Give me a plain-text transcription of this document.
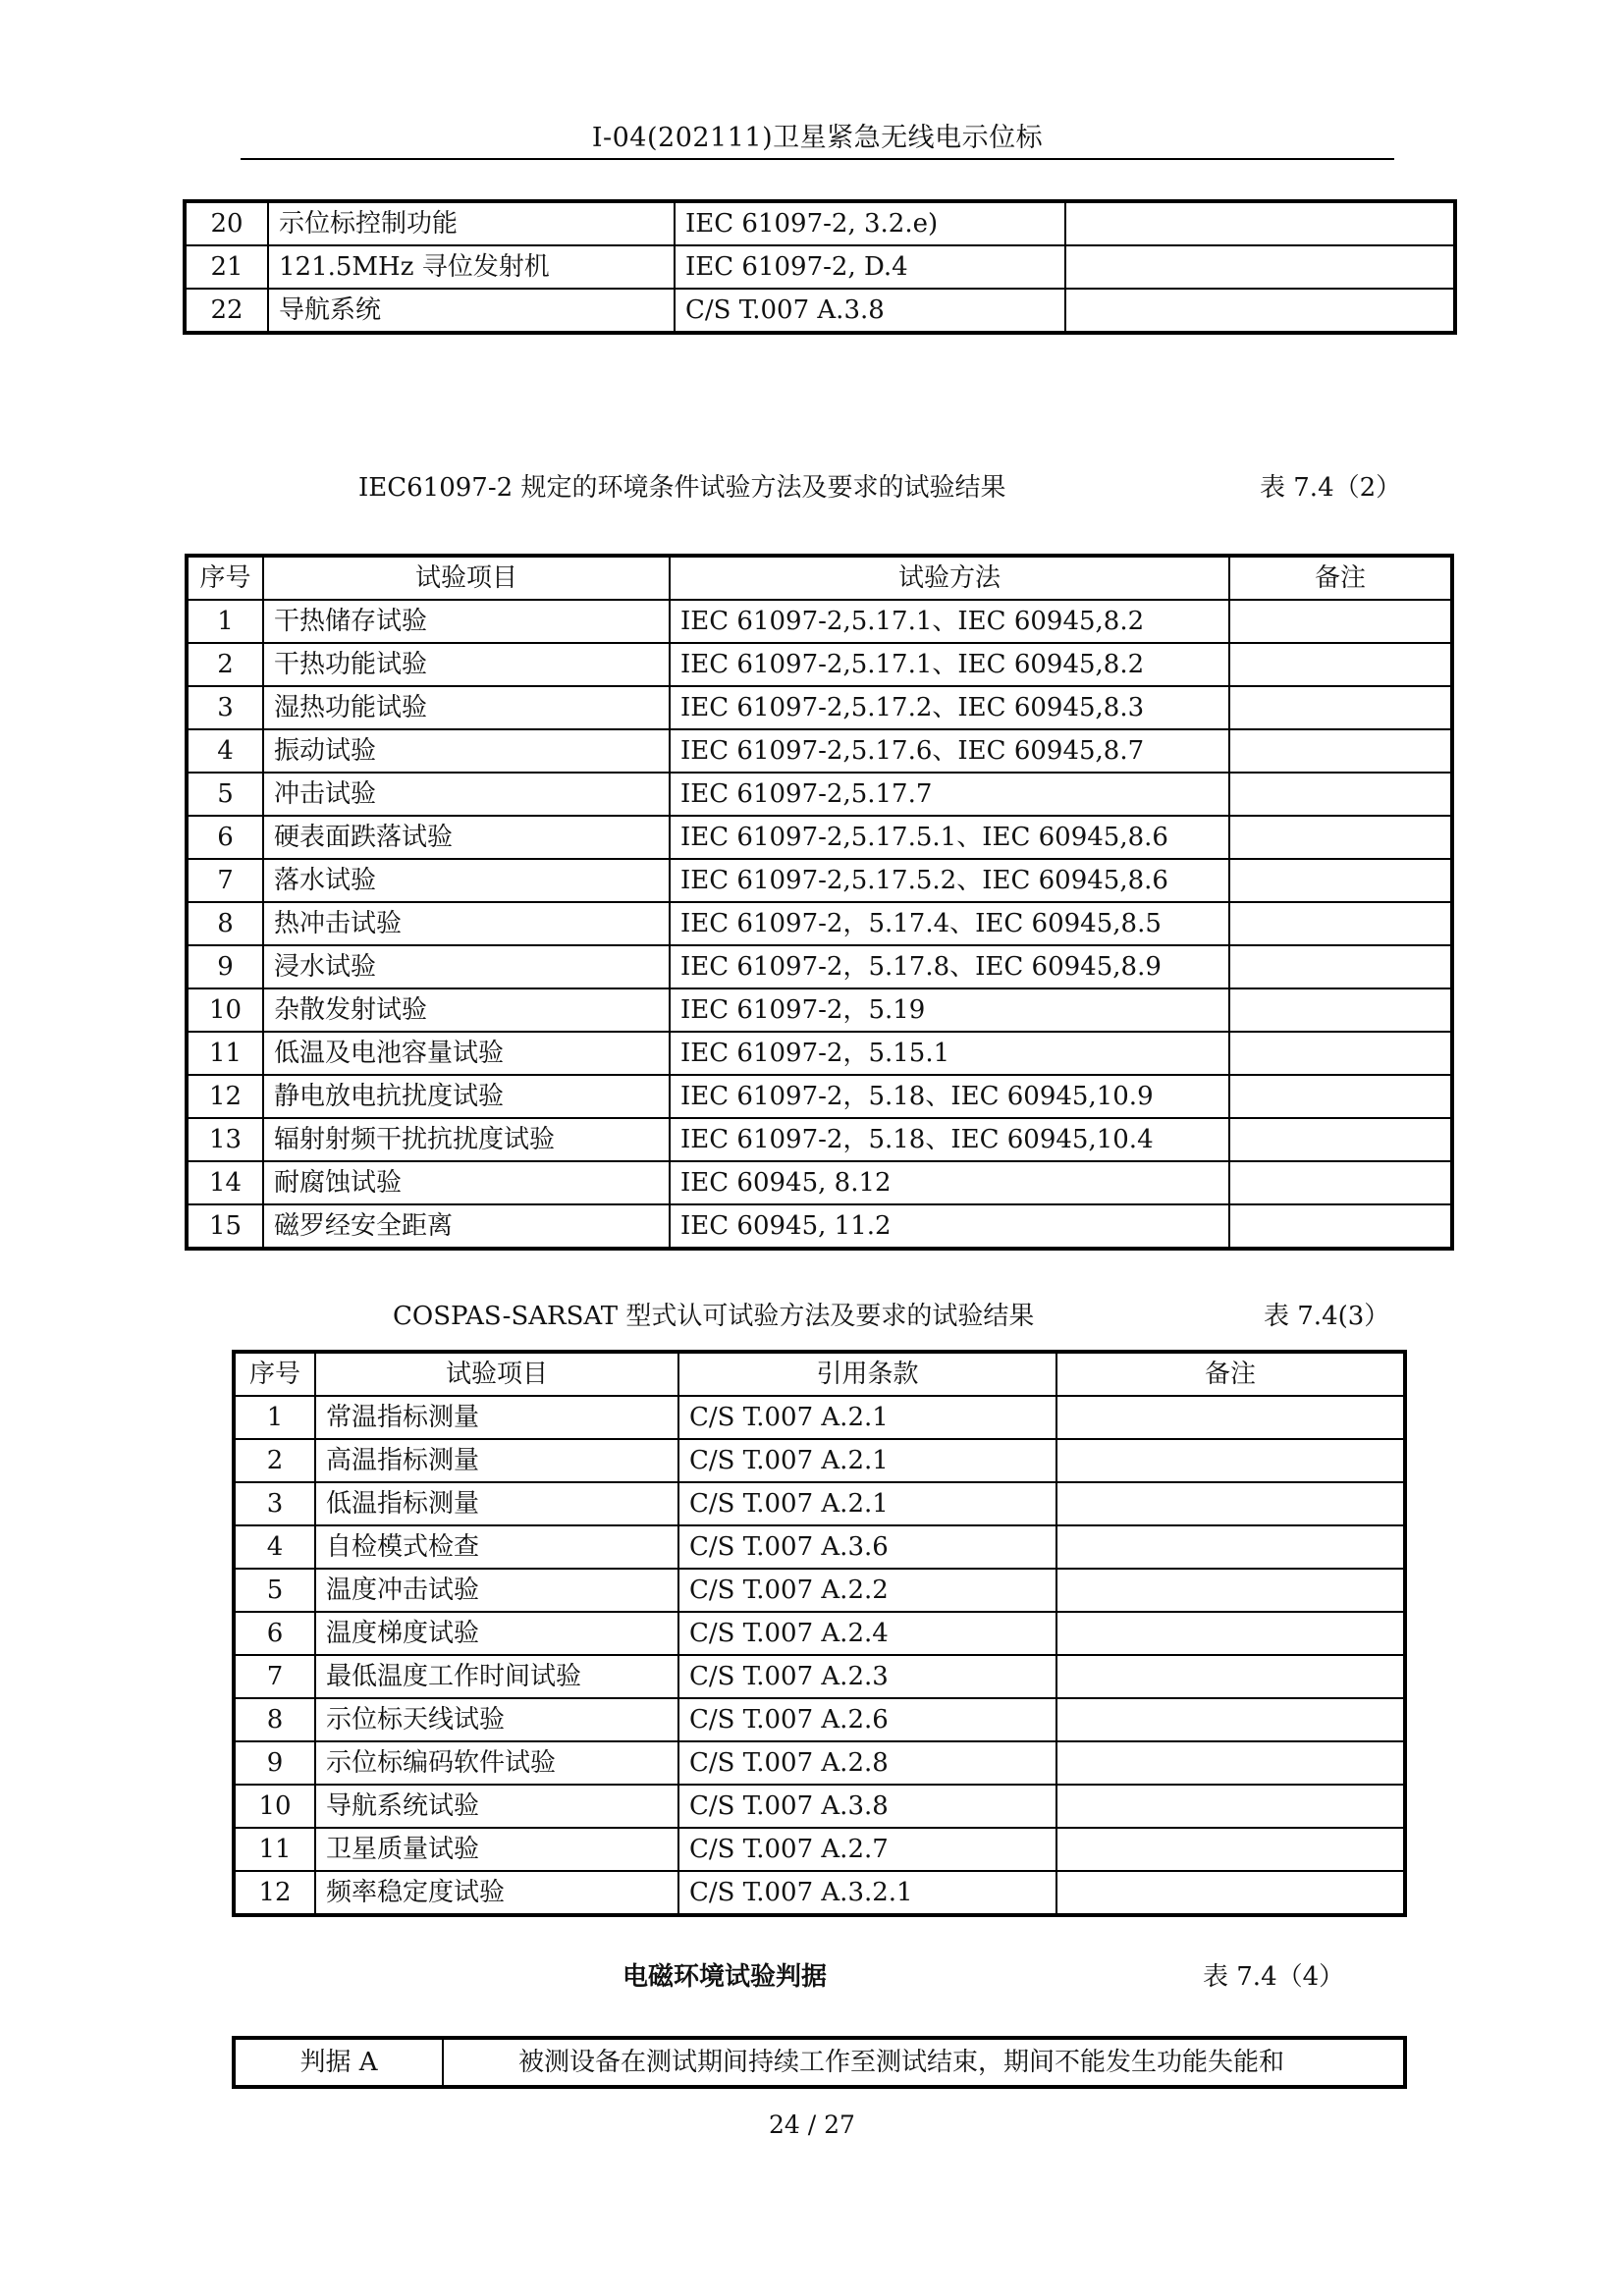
I-04(202111)卫星紧急无线电示位标
20	示位标控制功能	IEC 61097-2, 3.2.e)	
21	121.5MHz 寻位发射机	IEC 61097-2, D.4	
22	导航系统	C/S T.007 A.3.8	
IEC61097-2 规定的环境条件试验方法及要求的试验结果	表 7.4（2）
序号	试验项目	试验方法	备注
1	干热储存试验	IEC 61097-2,5.17.1、IEC 60945,8.2	
2	干热功能试验	IEC 61097-2,5.17.1、IEC 60945,8.2	
3	湿热功能试验	IEC 61097-2,5.17.2、IEC 60945,8.3	
4	振动试验	IEC 61097-2,5.17.6、IEC 60945,8.7	
5	冲击试验	IEC 61097-2,5.17.7	
6	硬表面跌落试验	IEC 61097-2,5.17.5.1、IEC 60945,8.6	
7	落水试验	IEC 61097-2,5.17.5.2、IEC 60945,8.6	
8	热冲击试验	IEC 61097-2，5.17.4、IEC 60945,8.5	
9	浸水试验	IEC 61097-2，5.17.8、IEC 60945,8.9	
10	杂散发射试验	IEC 61097-2，5.19	
11	低温及电池容量试验	IEC 61097-2，5.15.1	
12	静电放电抗扰度试验	IEC 61097-2，5.18、IEC 60945,10.9	
13	辐射射频干扰抗扰度试验	IEC 61097-2，5.18、IEC 60945,10.4	
14	耐腐蚀试验	IEC 60945, 8.12	
15	磁罗经安全距离	IEC 60945, 11.2	
COSPAS-SARSAT 型式认可试验方法及要求的试验结果	表 7.4(3）
序号	试验项目	引用条款	备注
1	常温指标测量	C/S T.007 A.2.1	
2	高温指标测量	C/S T.007 A.2.1	
3	低温指标测量	C/S T.007 A.2.1	
4	自检模式检查	C/S T.007 A.3.6	
5	温度冲击试验	C/S T.007 A.2.2	
6	温度梯度试验	C/S T.007 A.2.4	
7	最低温度工作时间试验	C/S T.007 A.2.3	
8	示位标天线试验	C/S T.007 A.2.6	
9	示位标编码软件试验	C/S T.007 A.2.8	
10	导航系统试验	C/S T.007 A.3.8	
11	卫星质量试验	C/S T.007 A.2.7	
12	频率稳定度试验	C/S T.007 A.3.2.1	
电磁环境试验判据	表 7.4（4）
判据 A	被测设备在测试期间持续工作至测试结束，期间不能发生功能失能和
24 / 27
